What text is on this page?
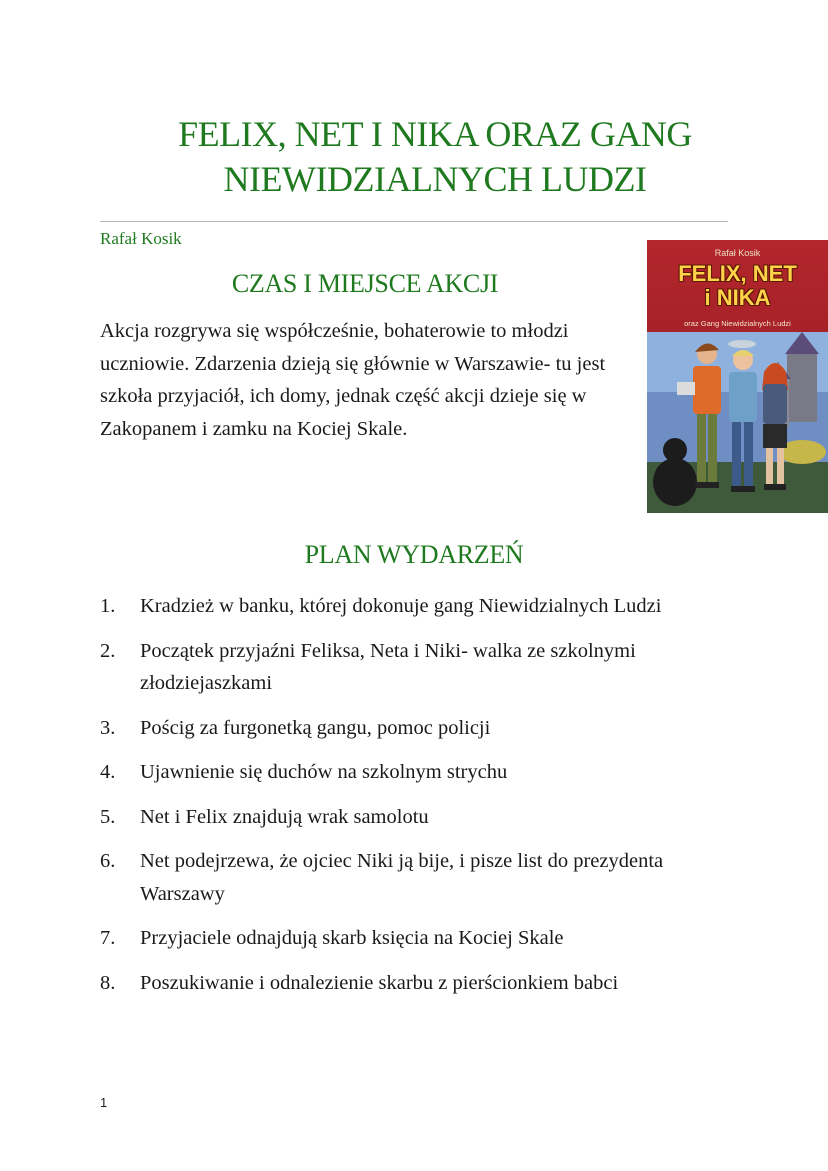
FELIX, NET I NIKA ORAZ GANG
NIEWIDZIALNYCH LUDZI
Rafał Kosik
CZAS I MIEJSCE AKCJI

Akcja rozgrywa się współcześnie, bohaterowie to młodzi uczniowie. Zdarzenia dzieją się głównie w Warszawie- tu jest szkoła przyjaciół, ich domy, jednak część akcji dzieje się w Zakopanem i zamku na Kociej Skale.

Rafał Kosik
FELIX, NET
i NIKA
oraz Gang Niewidzialnych Ludzi
PLAN WYDARZEŃ
1. Kradzież w banku, której dokonuje gang Niewidzialnych Ludzi
2. Początek przyjaźni Feliksa, Neta i Niki- walka ze szkolnymi złodziejaszkami
3. Pościg za furgonetką gangu, pomoc policji
4. Ujawnienie się duchów na szkolnym strychu
5. Net i Felix znajdują wrak samolotu
6. Net podejrzewa, że ojciec Niki ją bije, i pisze list do prezydenta Warszawy
7. Przyjaciele odnajdują skarb księcia na Kociej Skale
8. Poszukiwanie i odnalezienie skarbu z pierścionkiem babci
1
